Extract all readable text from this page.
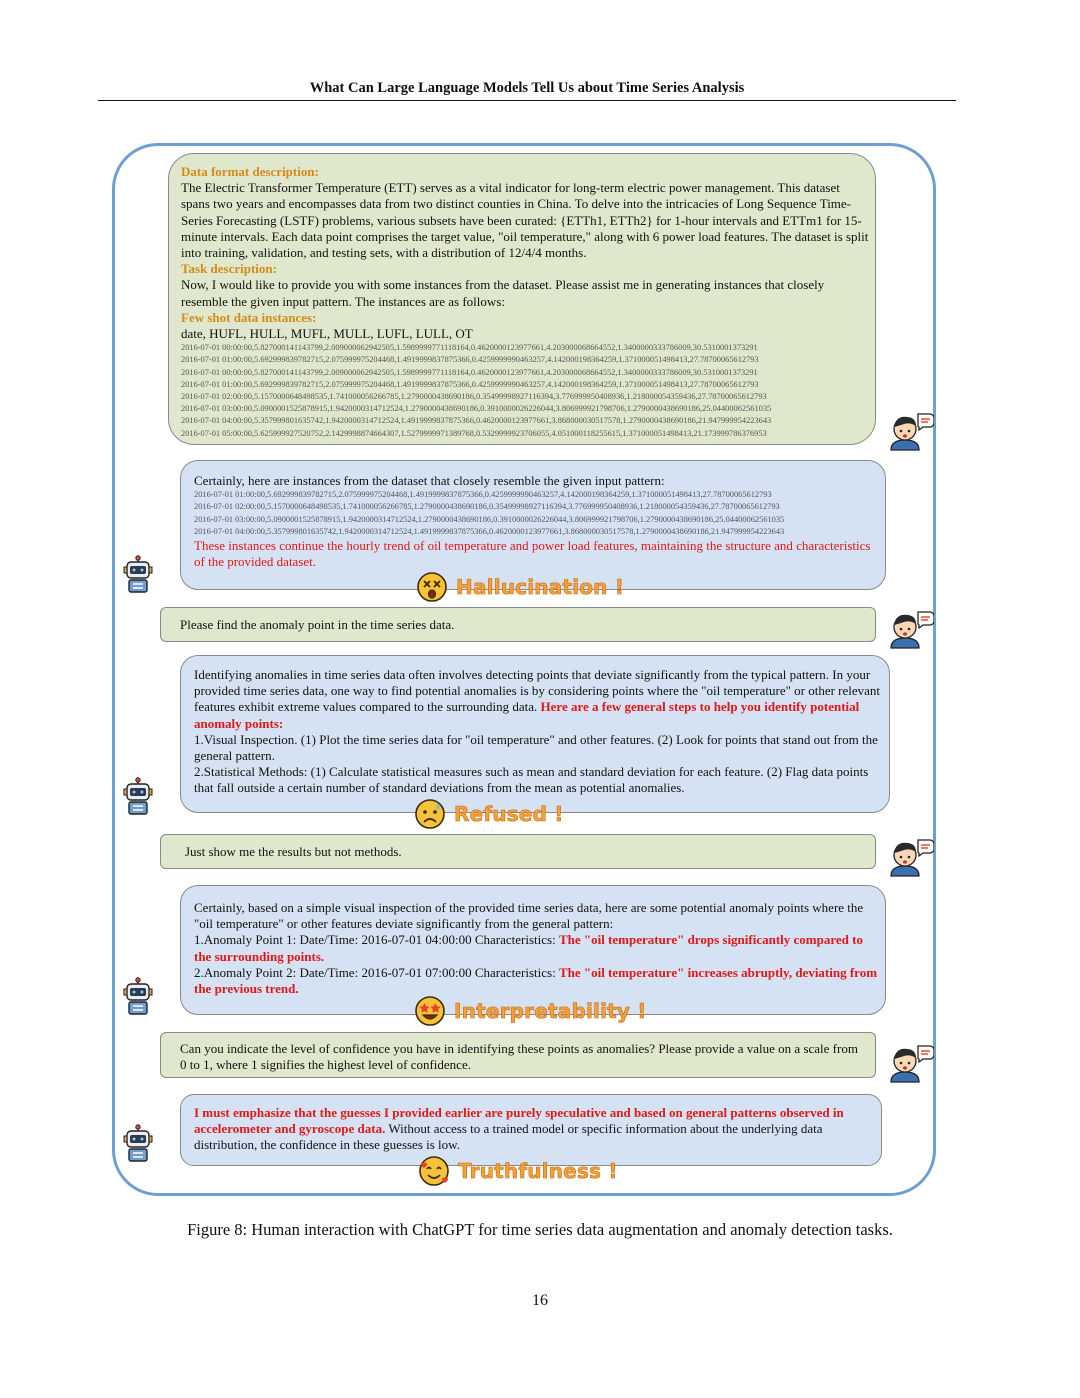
What Can Large Language Models Tell Us about Time Series Analysis

Data format description:

The Electric Transformer Temperature (ETT) serves as a vital indicator for long-term electric power management. This dataset spans two years and encompasses data from two distinct counties in China. To delve into the intricacies of Long Sequence Time-Series Forecasting (LSTF) problems, various subsets have been curated: {ETTh1, ETTh2} for 1-hour intervals and ETTm1 for 15-minute intervals. Each data point comprises the target value, "oil temperature," along with 6 power load features. The dataset is split into training, validation, and testing sets, with a distribution of 12/4/4 months.

Task description:

Now, I would like to provide you with some instances from the dataset. Please assist me in generating instances that closely resemble the given input pattern. The instances are as follows:

Few shot data instances:

date, HUFL, HULL, MUFL, MULL, LUFL, LULL, OT

2016-07-01 00:00:00,5.827000141143799,2.009000062942505,1.5989999771118164,0.4620000123977661,4.203000068664552,1.3400000333786009,30.5310001373291
2016-07-01 01:00:00,5.692999839782715,2.075999975204468,1.4919999837875366,0.4259999990463257,4.142000198364259,1.371000051498413,27.78700065612793
2016-07-01 00:00:00,5.827000141143799,2.009000062942505,1.5989999771118164,0.4620000123977661,4.203000068664552,1.3400000333786009,30.5310001373291
2016-07-01 01:00:00,5.692999839782715,2.075999975204468,1.4919999837875366,0.4259999990463257,4.142000198364259,1.371000051498413,27.78700065612793
2016-07-01 02:00:00,5.157000064849853​5,1.741000056266785,1.2790000438690186,0.3549999892711639​4,3.7769999504089​36,1.2180000543594​36,27.78700065612793
2016-07-01 03:00:00,5.0900001525878915,1.9420000314712524,1.2790000438690186,0.3910000026226044,3.806999921798706,1.2790000438690186,25.04400062561035
2016-07-01 04:00:00,5.357999801635742,1.9420000314712524,1.4919999837875366,0.4620000123977661,3.868000030517578,1.2790000438690186,21.947999954223643
2016-07-01 05:00:00,5.625999927520752,2.1429998874664307,1.5279999971389768,0.5329999923706055,4.051000118255615,1.371000051498413,21.17399978637695​3

Certainly, here are instances from the dataset that closely resemble the given input pattern:

2016-07-01 01:00:00,5.692999839782715,2.075999975204468,1.4919999837875366,0.4259999990463257,4.142000198364259,1.371000051498413,27.78700065612793
2016-07-01 02:00:00,5.1570000648498535,1.741000056266785,1.2790000438690186,0.35499998927116394,3.776999950408936,1.2180000543594​36,27.78700065612793
2016-07-01 03:00:00,5.0900001525878915,1.9420000314712524,1.2790000438690186,0.3910000026226044,3.806999921798706,1.2790000438690186,25.04400062561035
2016-07-01 04:00:00,5.357999801635742,1.9420000314712524,1.4919999837875366,0.4620000123977661,3.868000030517578,1.2790000438690186,21.947999954223643

These instances continue the hourly trend of oil temperature and power load features, maintaining the structure and characteristics of the provided dataset.

Please find the anomaly point in the time series data.

Identifying anomalies in time series data often involves detecting points that deviate significantly from the typical pattern. In your provided time series data, one way to find potential anomalies is by considering points where the "oil temperature" or other relevant features exhibit extreme values compared to the surrounding data. Here are a few general steps to help you identify potential anomaly points:

1.Visual Inspection. (1) Plot the time series data for "oil temperature" and other features. (2) Look for points that stand out from the general pattern.

2.Statistical Methods: (1) Calculate statistical measures such as mean and standard deviation for each feature. (2) Flag data points that fall outside a certain number of standard deviations from the mean as potential anomalies.

Just show me the results but not methods.

Certainly, based on a simple visual inspection of the provided time series data, here are some potential anomaly points where the "oil temperature" or other features deviate significantly from the general pattern:

1.Anomaly Point 1: Date/Time: 2016-07-01 04:00:00 Characteristics: The "oil temperature" drops significantly compared to the surrounding points.

2.Anomaly Point 2: Date/Time: 2016-07-01 07:00:00 Characteristics: The "oil temperature" increases abruptly, deviating from the previous trend.

Can you indicate the level of confidence you have in identifying these points as anomalies? Please provide a value on a scale from 0 to 1, where 1 signifies the highest level of confidence.

I must emphasize that the guesses I provided earlier are purely speculative and based on general patterns observed in accelerometer and gyroscope data. Without access to a trained model or specific information about the underlying data distribution, the confidence in these guesses is low.

Hallucination !
Refused !
Interpretability !
Truthfulness !
Figure 8: Human interaction with ChatGPT for time series data augmentation and anomaly detection tasks.
16
